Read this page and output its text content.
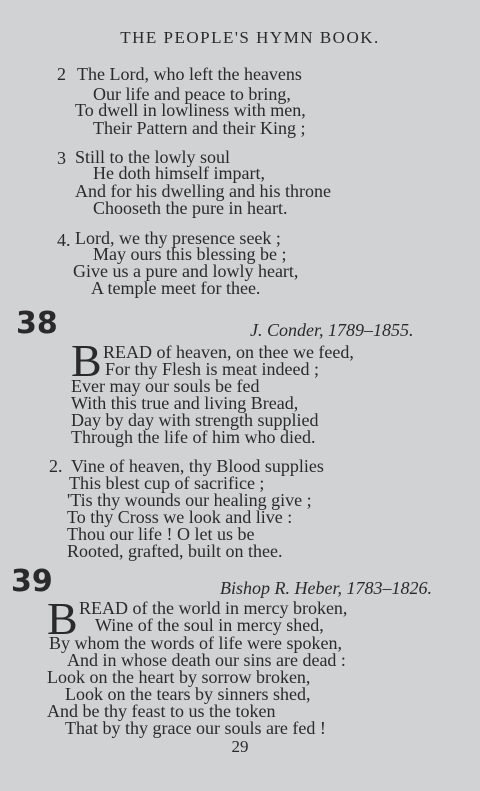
THE PEOPLE'S HYMN BOOK.
2 The Lord, who left the heavens
Our life and peace to bring,
To dwell in lowliness with men,
Their Pattern and their King ;
3 Still to the lowly soul
He doth himself impart,
And for his dwelling and his throne
Chooseth the pure in heart.
4. Lord, we thy presence seek ;
May ours this blessing be ;
Give us a pure and lowly heart,
A temple meet for thee.
38	J. Conder, 1789–1855.
B READ of heaven, on thee we feed,
For thy Flesh is meat indeed ;
Ever may our souls be fed
With this true and living Bread,
Day by day with strength supplied
Through the life of him who died.
2. Vine of heaven, thy Blood supplies
This blest cup of sacrifice ;
'Tis thy wounds our healing give ;
To thy Cross we look and live :
Thou our life ! O let us be
Rooted, grafted, built on thee.
39	Bishop R. Heber, 1783–1826.
B READ of the world in mercy broken,
Wine of the soul in mercy shed,
By whom the words of life were spoken,
And in whose death our sins are dead :
Look on the heart by sorrow broken,
Look on the tears by sinners shed,
And be thy feast to us the token
That by thy grace our souls are fed !
29
